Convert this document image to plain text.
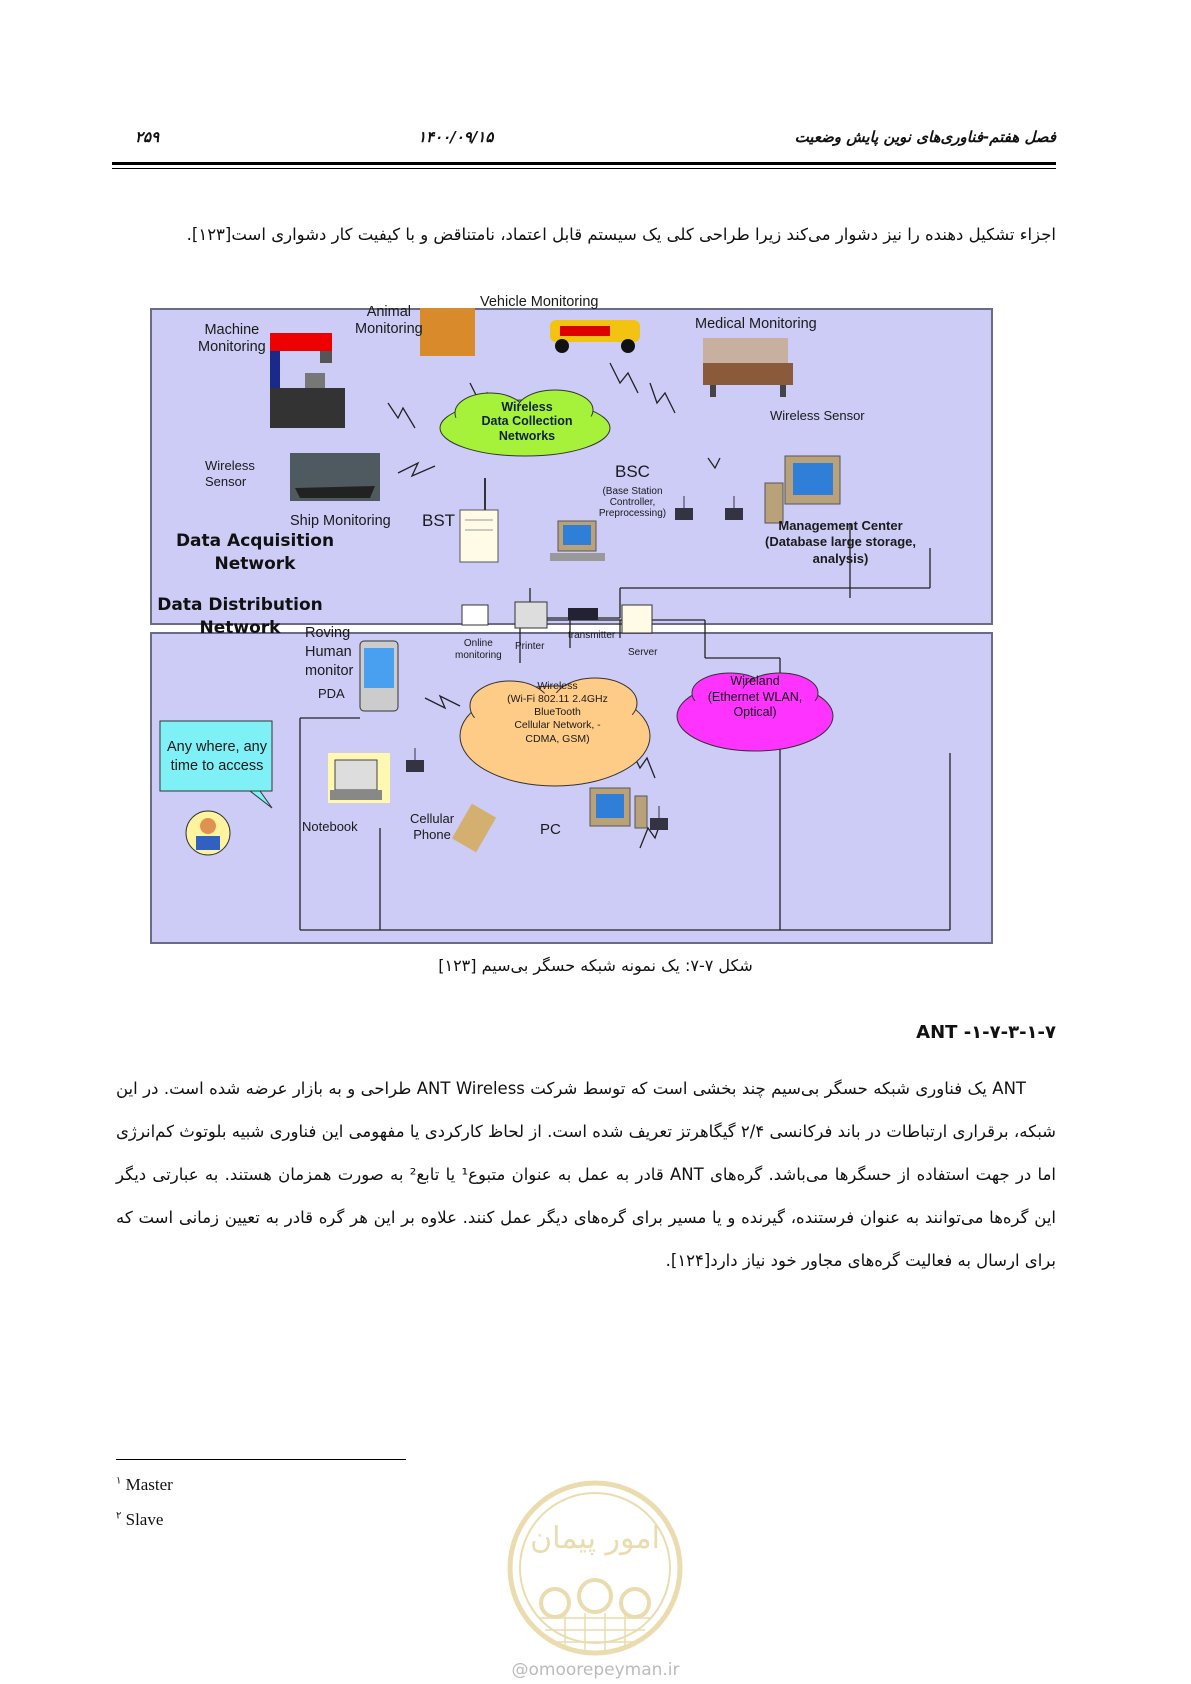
۲۵۹	۱۴۰۰/۰۹/۱۵	فصل هفتم-فناوری‌های نوین پایش وضعیت

اجزاء تشکیل دهنده را نیز دشوار می‌کند زیرا طراحی کلی یک سیستم قابل اعتماد، نامتناقض و با کیفیت کار دشواری است[۱۲۳].

Machine
Monitoring
Animal
Monitoring
Vehicle Monitoring
Medical Monitoring
Wireless
Sensor
Wireless Sensor
Wireless
Data Collection
Networks
Ship Monitoring BST
BSC
(Base Station
Controller,
Preprocessing)
Management Center
(Database large storage,
analysis)
Data Acquisition
Network
Data Distribution
Network	Roving
Human
monitor
PDA
Online
monitoring
Printer
transmitter
Server
Wireless
(Wi-Fi 802.11 2.4GHz
BlueTooth
Cellular Network, -
CDMA, GSM)
Wireland
(Ethernet WLAN,
Optical)
Any where, any
time to access
Notebook
Cellular
Phone	PC
شکل ۷-۷: یک نمونه شبکه حسگر بی‌سیم [۱۲۳]
ANT -۱-۷-۳-۱-۷

ANT یک فناوری شبکه حسگر بی‌سیم چند بخشی است که توسط شرکت ANT Wireless طراحی و به بازار عرضه شده است. در این شبکه، برقراری ارتباطات در باند فرکانسی ۲/۴ گیگاهرتز تعریف شده است. از لحاظ کارکردی یا مفهومی این فناوری شبیه بلوتوث کم‌انرژی اما در جهت استفاده از حسگرها می‌باشد. گره‌های ANT قادر به عمل به عنوان متبوع¹ یا تابع² به صورت همزمان هستند. به عبارتی دیگر این گره‌ها می‌توانند به عنوان فرستنده، گیرنده و یا مسیر برای گره‌های دیگر عمل کنند. علاوه بر این هر گره قادر به تعیین زمانی است که برای ارسال به فعالیت گره‌های مجاور خود نیاز دارد[۱۲۴].

$^۱$ Master
$^۲$ Slave
امور پیمان
@omoorepeyman.ir
